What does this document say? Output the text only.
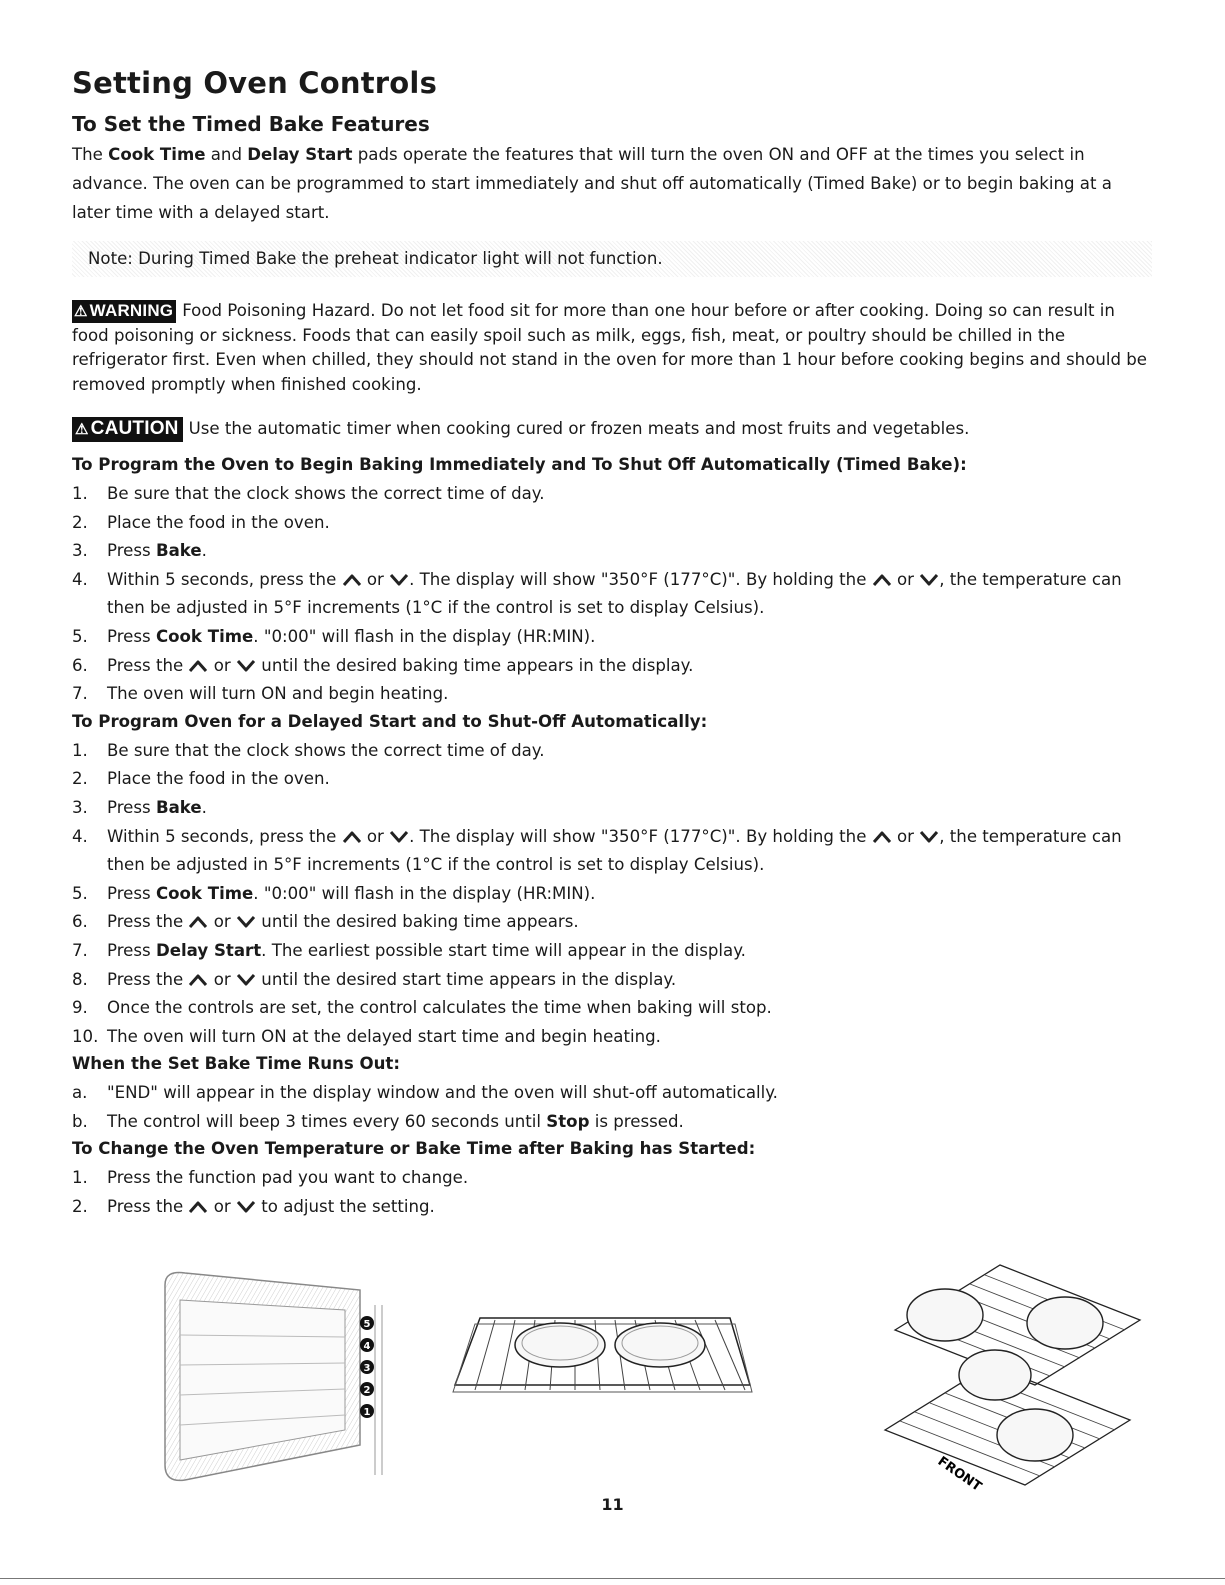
Setting Oven Controls
To Set the Timed Bake Features

The Cook Time and Delay Start pads operate the features that will turn the oven ON and OFF at the times you select in advance. The oven can be programmed to start immediately and shut off automatically (Timed Bake) or to begin baking at a later time with a delayed start.

Note: During Timed Bake the preheat indicator light will not function.
⚠ WARNING Food Poisoning Hazard. Do not let food sit for more than one hour before or after cooking. Doing so can result in food poisoning or sickness. Foods that can easily spoil such as milk, eggs, fish, meat, or poultry should be chilled in the refrigerator first. Even when chilled, they should not stand in the oven for more than 1 hour before cooking begins and should be removed promptly when finished cooking.
⚠ CAUTION Use the automatic timer when cooking cured or frozen meats and most fruits and vegetables.
To Program the Oven to Begin Baking Immediately and To Shut Off Automatically (Timed Bake):
1. Be sure that the clock shows the correct time of day.
2. Place the food in the oven.
3. Press Bake.
4. Within 5 seconds, press the or . The display will show "350°F (177°C)". By holding the or , the temperature can then be adjusted in 5°F increments (1°C if the control is set to display Celsius).
5. Press Cook Time. "0:00" will flash in the display (HR:MIN).
6. Press the or until the desired baking time appears in the display.
7. The oven will turn ON and begin heating.
To Program Oven for a Delayed Start and to Shut-Off Automatically:
1. Be sure that the clock shows the correct time of day.
2. Place the food in the oven.
3. Press Bake.
4. Within 5 seconds, press the or . The display will show "350°F (177°C)". By holding the or , the temperature can then be adjusted in 5°F increments (1°C if the control is set to display Celsius).
5. Press Cook Time. "0:00" will flash in the display (HR:MIN).
6. Press the or until the desired baking time appears.
7. Press Delay Start. The earliest possible start time will appear in the display.
8. Press the or until the desired start time appears in the display.
9. Once the controls are set, the control calculates the time when baking will stop.
10. The oven will turn ON at the delayed start time and begin heating.
When the Set Bake Time Runs Out:
a. "END" will appear in the display window and the oven will shut-off automatically.
b. The control will beep 3 times every 60 seconds until Stop is pressed.
To Change the Oven Temperature or Bake Time after Baking has Started:
1. Press the function pad you want to change.
2. Press the or to adjust the setting.
5
4
3
2
1
FRONT
11
